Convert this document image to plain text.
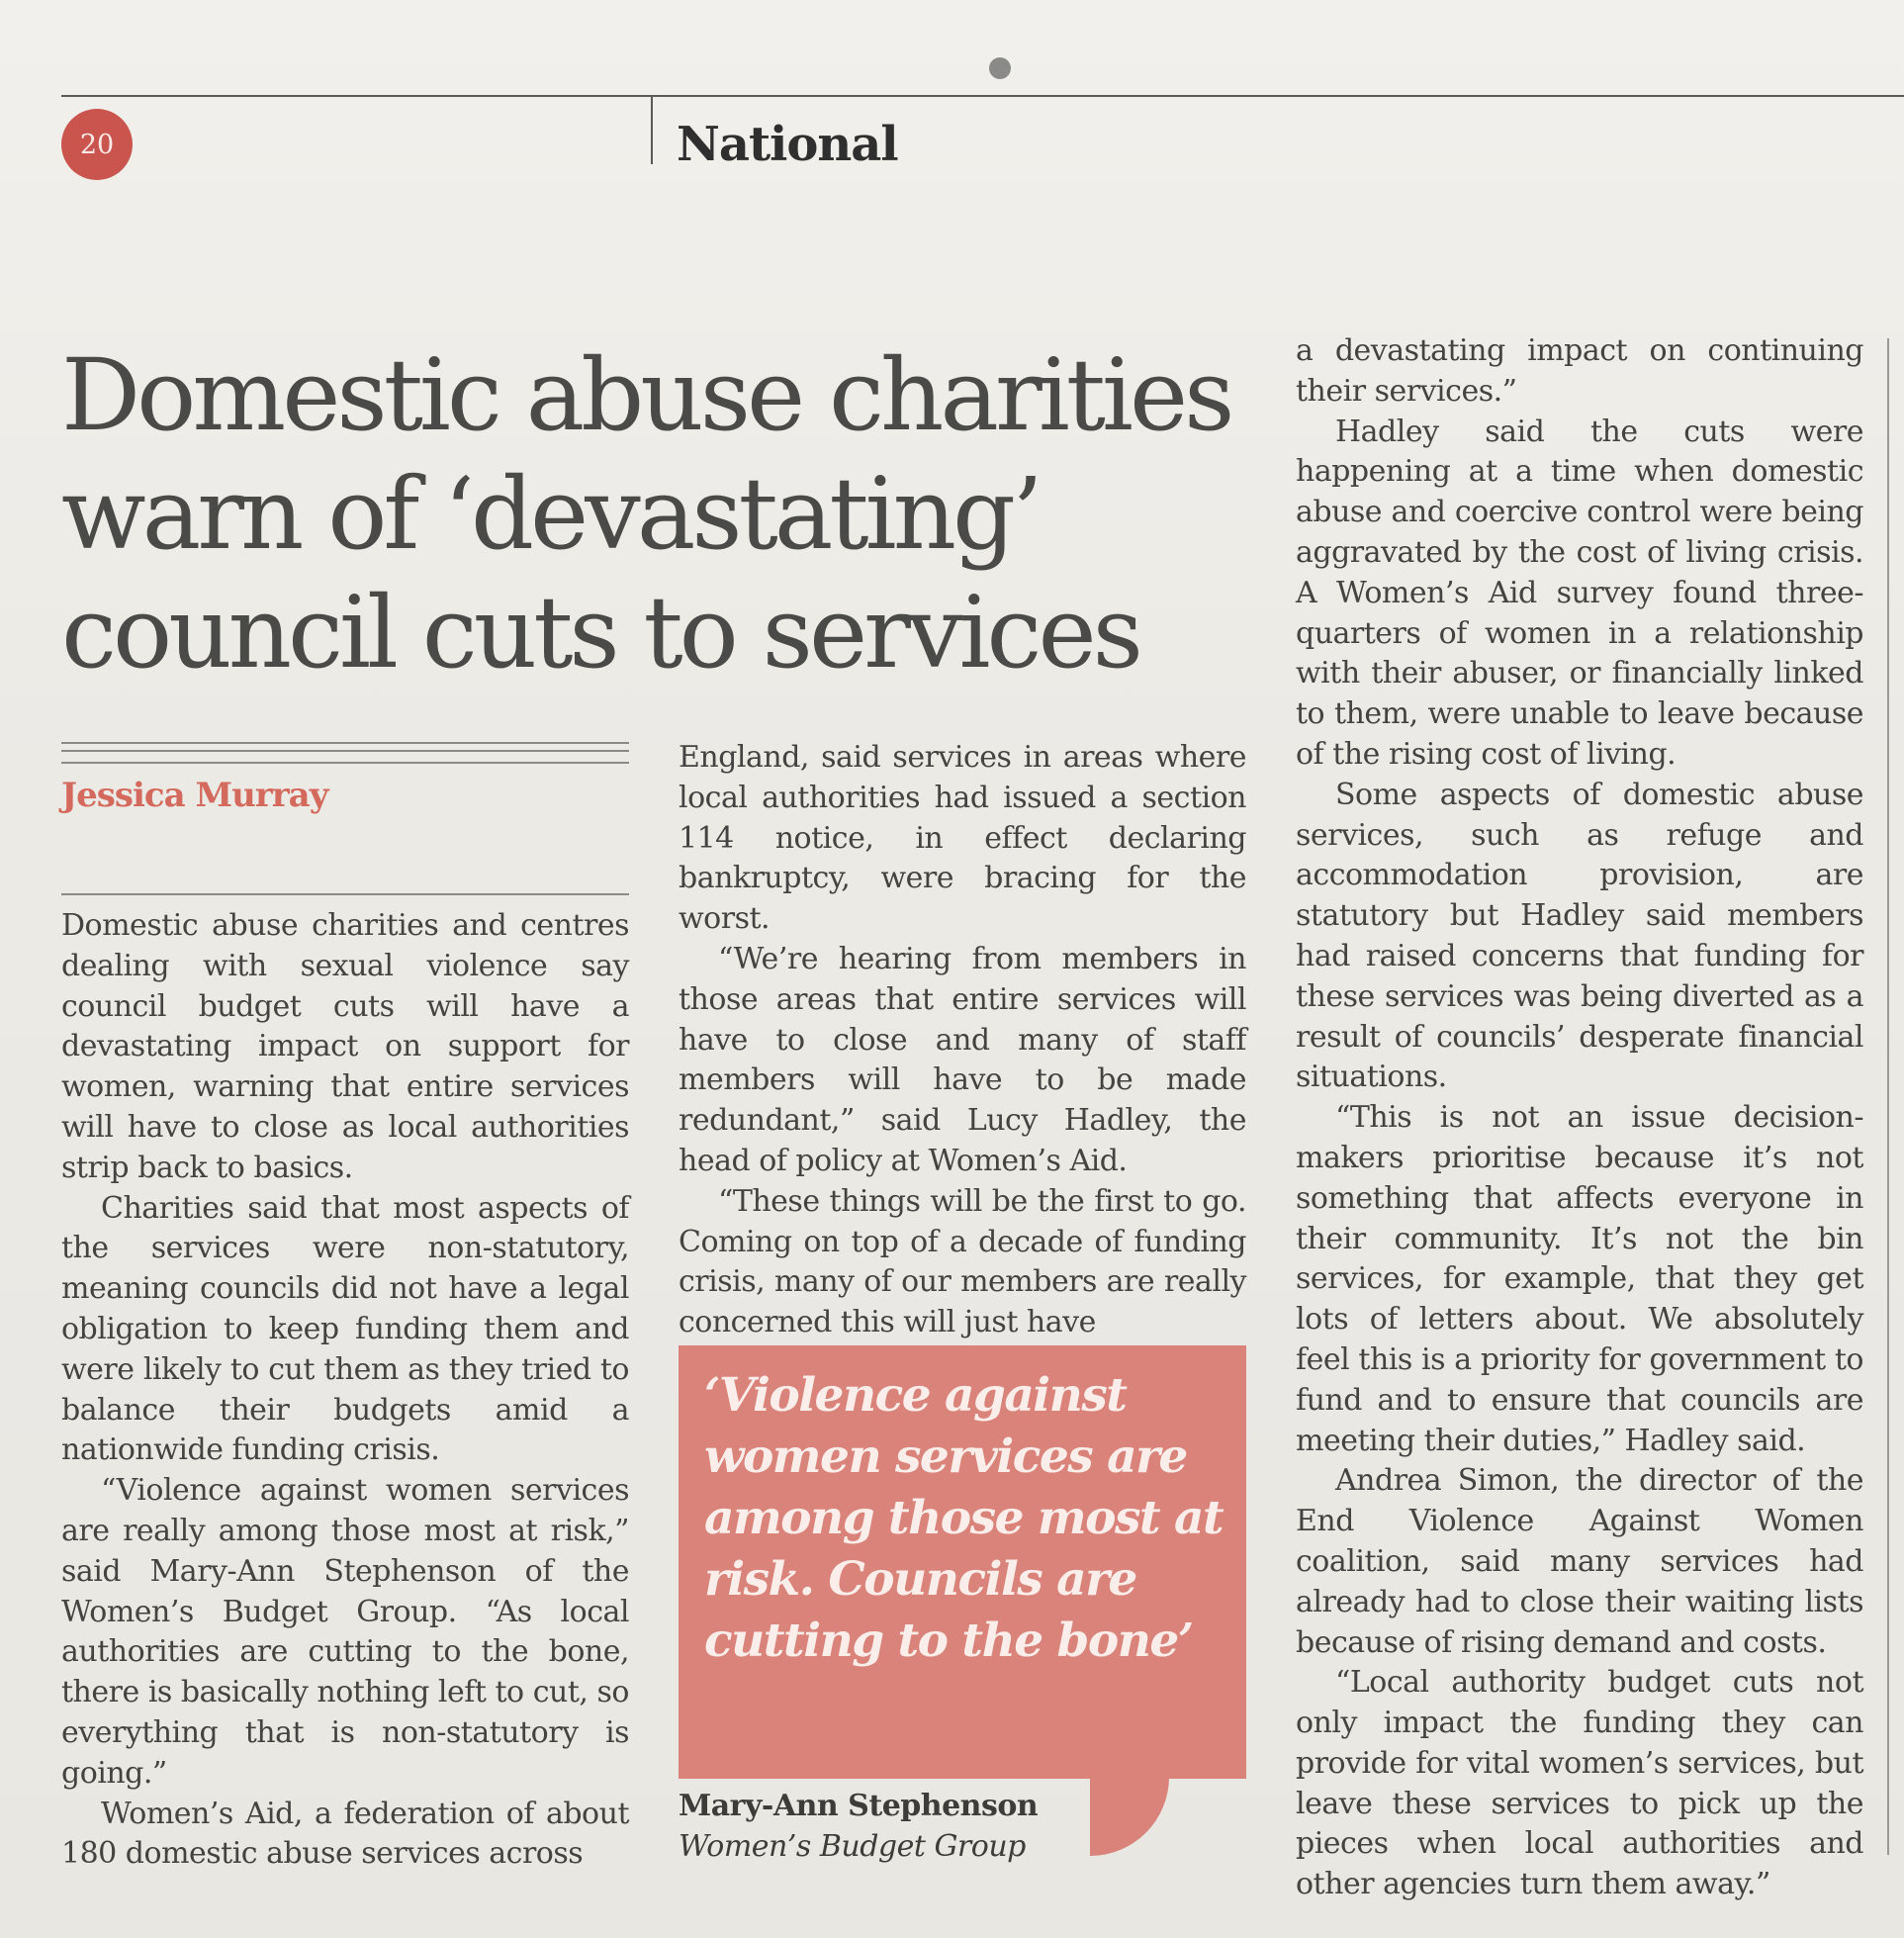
20	National
Domestic abuse charities warn of ‘devastating’ council cuts to services
Jessica Murray

Domestic abuse charities and centres dealing with sexual violence say council budget cuts will have a devastating impact on support for women, warning that entire services will have to close as local authorities strip back to basics.

Charities said that most aspects of the services were non-statutory, meaning councils did not have a legal obligation to keep funding them and were likely to cut them as they tried to balance their budgets amid a nationwide funding crisis.

“Violence against women services are really among those most at risk,” said Mary-Ann Stephenson of the Women’s Budget Group. “As local authorities are cutting to the bone, there is basically nothing left to cut, so everything that is non-statutory is going.”

Women’s Aid, a federation of about 180 domestic abuse services across

England, said services in areas where local authorities had issued a section 114 notice, in effect declaring bankruptcy, were bracing for the worst.

“We’re hearing from members in those areas that entire services will have to close and many of staff members will have to be made redundant,” said Lucy Hadley, the head of policy at Women’s Aid.

“These things will be the first to go. Coming on top of a decade of funding crisis, many of our members are really concerned this will just have

‘Violence against women services are among those most at risk. Councils are cutting to the bone’
Mary-Ann Stephenson
Women’s Budget Group

a devastating impact on continuing their services.”

Hadley said the cuts were happening at a time when domestic abuse and coercive control were being aggravated by the cost of living crisis. A Women’s Aid survey found three-quarters of women in a relationship with their abuser, or financially linked to them, were unable to leave because of the rising cost of living.

Some aspects of domestic abuse services, such as refuge and accommodation provision, are statutory but Hadley said members had raised concerns that funding for these services was being diverted as a result of councils’ desperate financial situations.

“This is not an issue decision-makers prioritise because it’s not something that affects everyone in their community. It’s not the bin services, for example, that they get lots of letters about. We absolutely feel this is a priority for government to fund and to ensure that councils are meeting their duties,” Hadley said.

Andrea Simon, the director of the End Violence Against Women coalition, said many services had already had to close their waiting lists because of rising demand and costs.

“Local authority budget cuts not only impact the funding they can provide for vital women’s services, but leave these services to pick up the pieces when local authorities and other agencies turn them away.”
